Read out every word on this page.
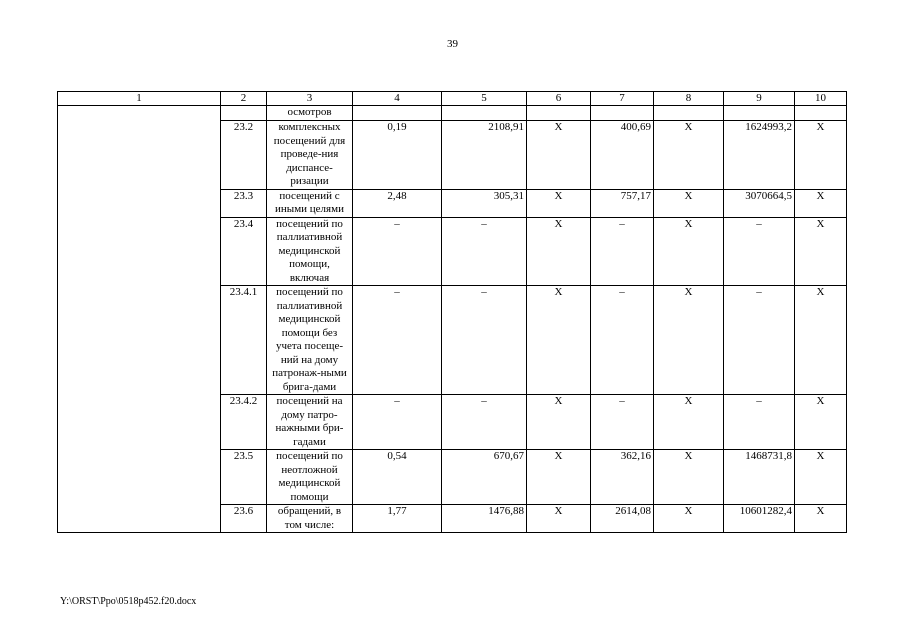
39
1	2	3	4	5	6	7	8	9	10
		осмотров							
	23.2	комплексных посещений для проведе-ния диспансе-ризации	0,19	2108,91	X	400,69	X	1624993,2	X
	23.3	посещений с иными целями	2,48	305,31	X	757,17	X	3070664,5	X
	23.4	посещений по паллиативной медицинской помощи, включая	–	–	X	–	X	–	X
	23.4.1	посещений по паллиативной медицинской помощи без учета посеще-ний на дому патронаж-ными брига-дами	–	–	X	–	X	–	X
	23.4.2	посещений на дому патро-нажными бри-гадами	–	–	X	–	X	–	X
	23.5	посещений по неотложной медицинской помощи	0,54	670,67	X	362,16	X	1468731,8	X
	23.6	обращений, в том числе:	1,77	1476,88	X	2614,08	X	10601282,4	X
Y:\ORST\Ppo\0518p452.f20.docx
